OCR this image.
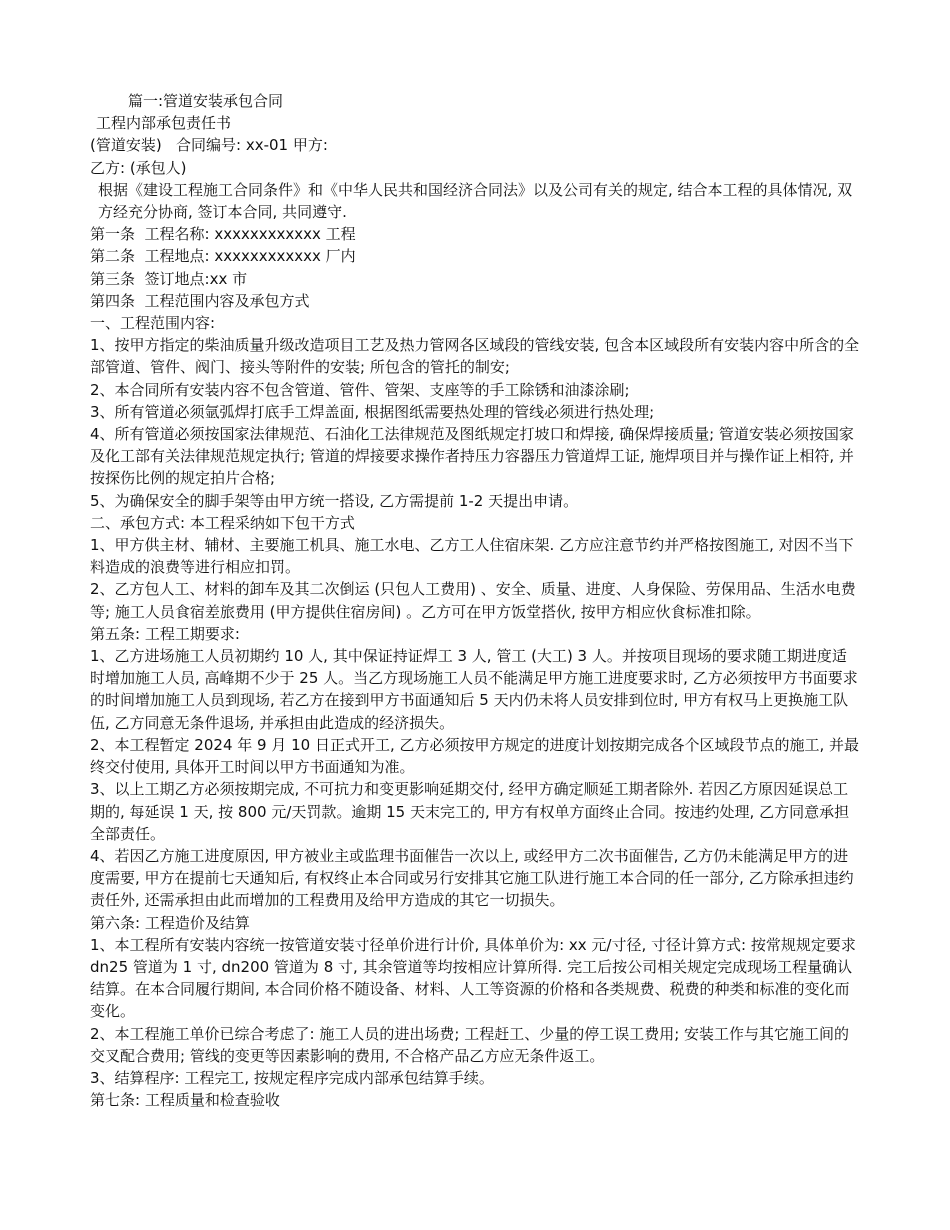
篇一:管道安装承包合同

工程内部承包责任书

(管道安装)   合同编号: xx-01 甲方:

乙方: (承包人)

根据《建设工程施工合同条件》和《中华人民共和国经济合同法》以及公司有关的规定, 结合本工程的具体情况, 双方经充分协商, 签订本合同, 共同遵守.

第一条  工程名称: xxxxxxxxxxxx 工程

第二条  工程地点: xxxxxxxxxxxx 厂内

第三条  签订地点:xx 市

第四条  工程范围内容及承包方式

一、工程范围内容:

1、按甲方指定的柴油质量升级改造项目工艺及热力管网各区域段的管线安装, 包含本区域段所有安装内容中所含的全部管道、管件、阀门、接头等附件的安装; 所包含的管托的制安;

2、本合同所有安装内容不包含管道、管件、管架、支座等的手工除锈和油漆涂刷;

3、所有管道必须氩弧焊打底手工焊盖面, 根据图纸需要热处理的管线必须进行热处理;

4、所有管道必须按国家法律规范、石油化工法律规范及图纸规定打坡口和焊接, 确保焊接质量; 管道安装必须按国家及化工部有关法律规范规定执行; 管道的焊接要求操作者持压力容器压力管道焊工证, 施焊项目并与操作证上相符, 并按探伤比例的规定拍片合格;

5、为确保安全的脚手架等由甲方统一搭设, 乙方需提前 1-2 天提出申请。

二、承包方式: 本工程采纳如下包干方式

1、甲方供主材、辅材、主要施工机具、施工水电、乙方工人住宿床架. 乙方应注意节约并严格按图施工, 对因不当下料造成的浪费等进行相应扣罚。

2、乙方包人工、材料的卸车及其二次倒运 (只包人工费用) 、安全、质量、进度、人身保险、劳保用品、生活水电费等; 施工人员食宿差旅费用 (甲方提供住宿房间) 。乙方可在甲方饭堂搭伙, 按甲方相应伙食标准扣除。

第五条: 工程工期要求:

1、乙方进场施工人员初期约 10 人, 其中保证持证焊工 3 人, 管工 (大工) 3 人。并按项目现场的要求随工期进度适时增加施工人员, 高峰期不少于 25 人。当乙方现场施工人员不能满足甲方施工进度要求时, 乙方必须按甲方书面要求的时间增加施工人员到现场, 若乙方在接到甲方书面通知后 5 天内仍未将人员安排到位时, 甲方有权马上更换施工队伍, 乙方同意无条件退场, 并承担由此造成的经济损失。

2、本工程暂定 2024 年 9 月 10 日正式开工, 乙方必须按甲方规定的进度计划按期完成各个区域段节点的施工, 并最终交付使用, 具体开工时间以甲方书面通知为准。

3、以上工期乙方必须按期完成, 不可抗力和变更影响延期交付, 经甲方确定顺延工期者除外. 若因乙方原因延误总工期的, 每延误 1 天, 按 800 元/天罚款。逾期 15 天末完工的, 甲方有权单方面终止合同。按违约处理, 乙方同意承担全部责任。

4、若因乙方施工进度原因, 甲方被业主或监理书面催告一次以上, 或经甲方二次书面催告, 乙方仍未能满足甲方的进度需要, 甲方在提前七天通知后, 有权终止本合同或另行安排其它施工队进行施工本合同的任一部分, 乙方除承担违约责任外, 还需承担由此而增加的工程费用及给甲方造成的其它一切损失。

第六条: 工程造价及结算

1、本工程所有安装内容统一按管道安装寸径单价进行计价, 具体单价为: xx 元/寸径, 寸径计算方式: 按常规规定要求 dn25 管道为 1 寸, dn200 管道为 8 寸, 其余管道等均按相应计算所得. 完工后按公司相关规定完成现场工程量确认结算。在本合同履行期间, 本合同价格不随设备、材料、人工等资源的价格和各类规费、税费的种类和标准的变化而变化。

2、本工程施工单价已综合考虑了: 施工人员的进出场费; 工程赶工、少量的停工误工费用; 安装工作与其它施工间的交叉配合费用; 管线的变更等因素影响的费用, 不合格产品乙方应无条件返工。

3、结算程序: 工程完工, 按规定程序完成内部承包结算手续。

第七条: 工程质量和检查验收
